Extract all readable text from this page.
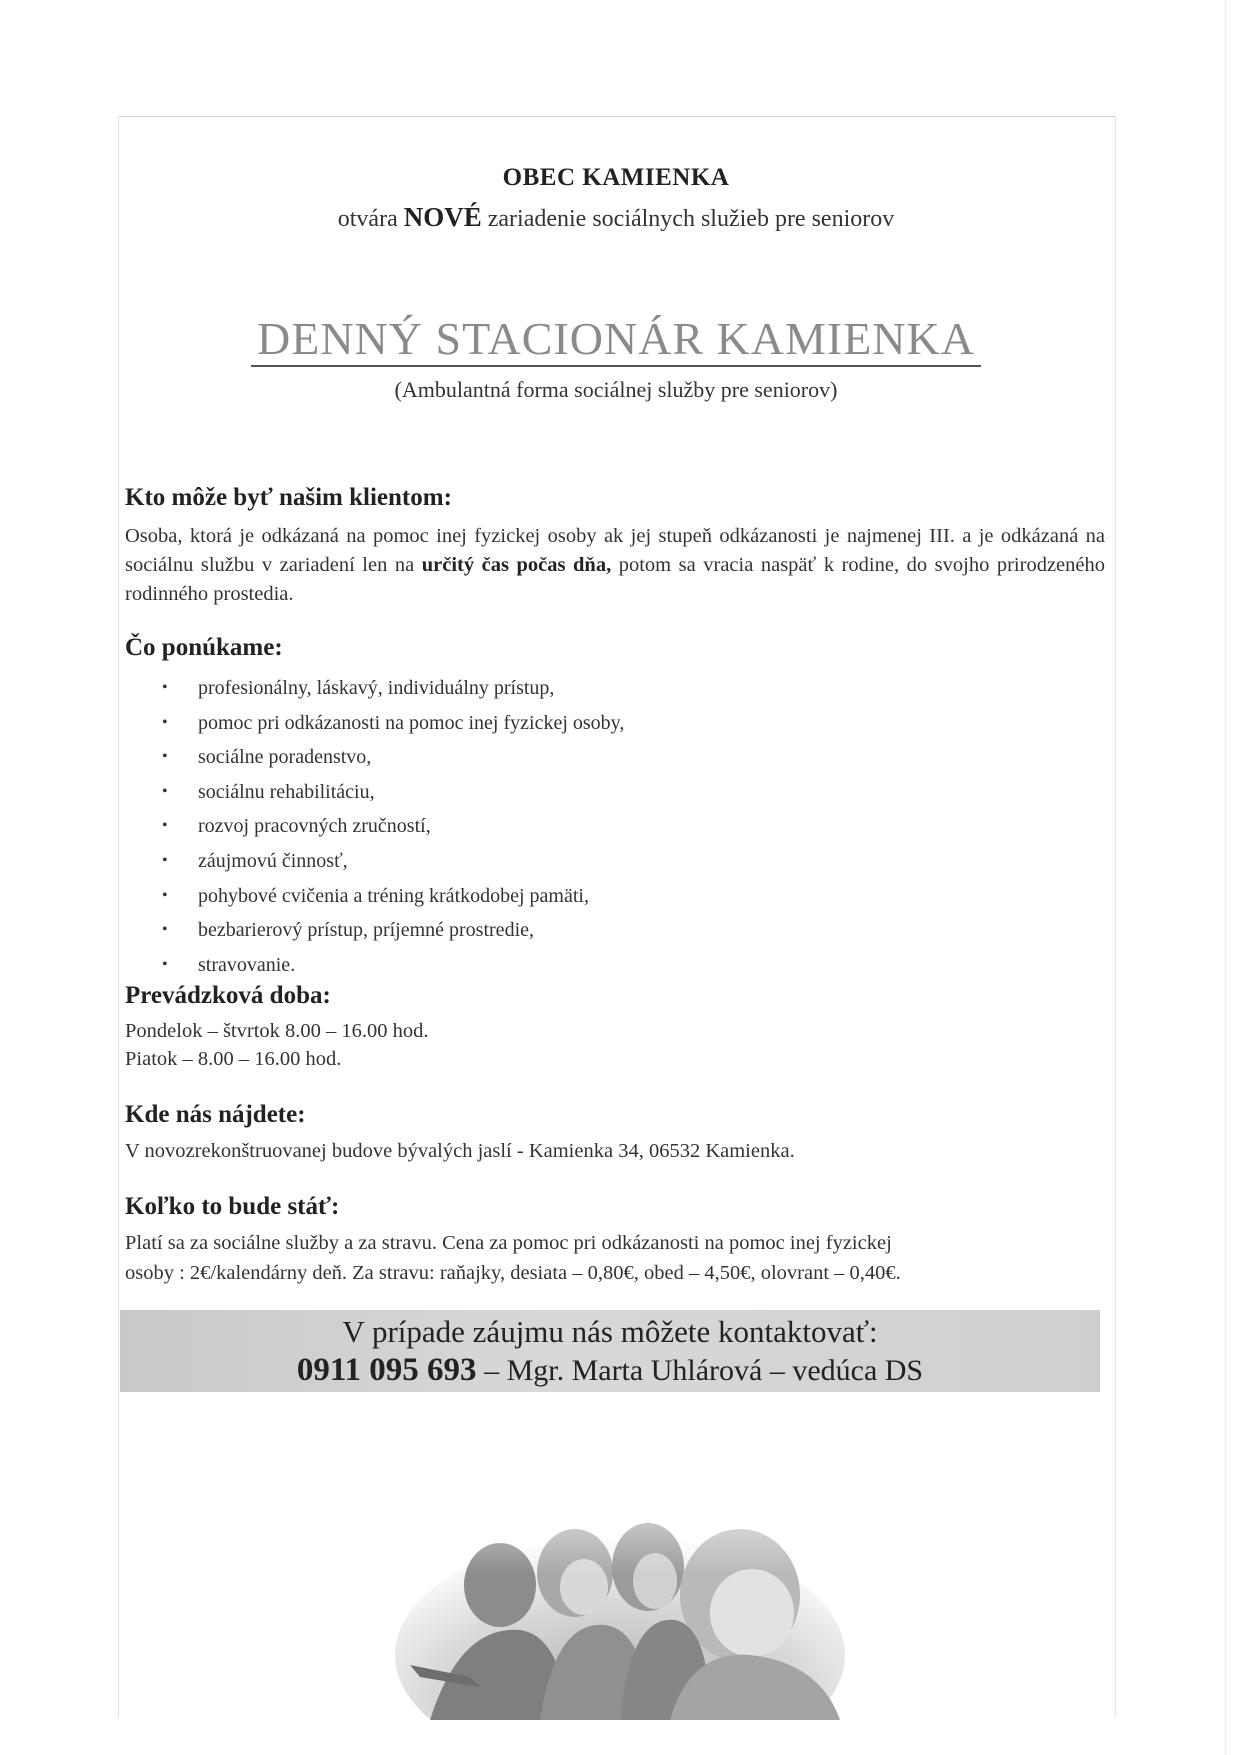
OBEC KAMIENKA
otvára NOVÉ zariadenie sociálnych služieb pre seniorov
DENNÝ STACIONÁR KAMIENKA
(Ambulantná forma sociálnej služby pre seniorov)
Kto môže byť našim klientom:
Osoba, ktorá je odkázaná na pomoc inej fyzickej osoby ak jej stupeň odkázanosti je najmenej III. a je odkázaná na sociálnu službu v zariadení len na určitý čas počas dňa, potom sa vracia naspäť k rodine, do svojho prirodzeného rodinného prostedia.
Čo ponúkame:
• profesionálny, láskavý, individuálny prístup,
• pomoc pri odkázanosti na pomoc inej fyzickej osoby,
• sociálne poradenstvo,
• sociálnu rehabilitáciu,
• rozvoj pracovných zručností,
• záujmovú činnosť,
• pohybové cvičenia a tréning krátkodobej pamäti,
• bezbarierový prístup, príjemné prostredie,
• stravovanie.
Prevádzková doba:
Pondelok – štvrtok 8.00 – 16.00 hod.
Piatok – 8.00 – 16.00 hod.
Kde nás nájdete:
V novozrekonštruovanej budove bývalých jaslí - Kamienka 34, 06532 Kamienka.
Koľko to bude stáť:
Platí sa za sociálne služby a za stravu. Cena za pomoc pri odkázanosti na pomoc inej fyzickej
osoby : 2€/kalendárny deň. Za stravu: raňajky, desiata – 0,80€, obed – 4,50€, olovrant – 0,40€.
V prípade záujmu nás môžete kontaktovať:
0911 095 693 – Mgr. Marta Uhlárová – vedúca DS
